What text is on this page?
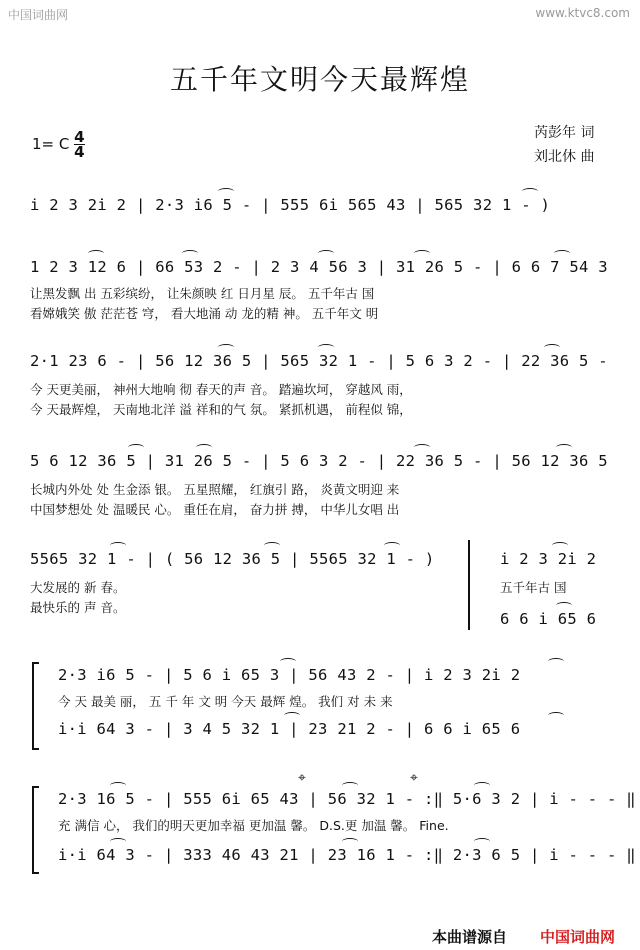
中国词曲网	www.ktvc8.com
五千年文明今天最辉煌
1= C $\frac{4}{4}$	芮彭年 词
刘北休 曲
i̇ 2 3 2̇i̇ 2 | 2·3 i̇6 5 - | 555 6i̇ 565 43 | 565 32 1 - )
1 2 3 12 6 | 66 53 2 - | 2 3 4 56 3 | 31 26 5 - | 6 6 7 54 3
让黑发飘 出 五彩缤纷， 让朱颜映 红 日月星 辰。 五千年古 国
看嫦娥笑 傲 茫茫苍 穹， 看大地涌 动 龙的精 神。 五千年文 明
2·1 23 6 - | 56 12 36 5 | 565 32 1 - | 5 6 3 2 - | 22 36 5 -
今 天更美丽， 神州大地响 彻 春天的声 音。 踏遍坎坷， 穿越风 雨，
今 天最辉煌， 天南地北洋 溢 祥和的气 氛。 紧抓机遇， 前程似 锦，
5 6 12 36 5 | 31 26 5 - | 5 6 3 2 - | 22 36 5 - | 56 12 36 5
长城内外处 处 生金添 银。 五星照耀， 红旗引 路， 炎黄文明迎 来
中国梦想处 处 温暖民 心。 重任在肩， 奋力拼 搏， 中华儿女唱 出
5565 32 1 - | ( 56 12 36 5 | 5565 32 1 - )
大发展的 新 春。
最快乐的 声 音。
i̇ 2 3 2̇i̇ 2
五千年古 国
6 6 i̇ 65 6
2·3 i̇6 5 - | 5 6 i̇ 65 3 | 56 43 2 - | i̇ 2 3 2̇i̇ 2
今 天 最美 丽， 五 千 年 文 明 今天 最辉 煌。 我们 对 未 来
i̇·i̇ 64 3 - | 3 4 5 32 1 | 23 21 2 - | 6 6 i̇ 65 6
⌖	⌖
2·3 16 5 - | 555 6i̇ 65 43 | 56 32 1 - :‖ 5·6 3 2 | i̇ - - - ‖
充 满信 心， 我们的明天更加幸福 更加温 馨。 D.S.更 加温 馨。 Fine.
i̇·i̇ 64 3 - | 333 46 43 21 | 23 16 1 - :‖ 2·3 6 5 | i̇ - - - ‖
本曲谱源自 中国词曲网
